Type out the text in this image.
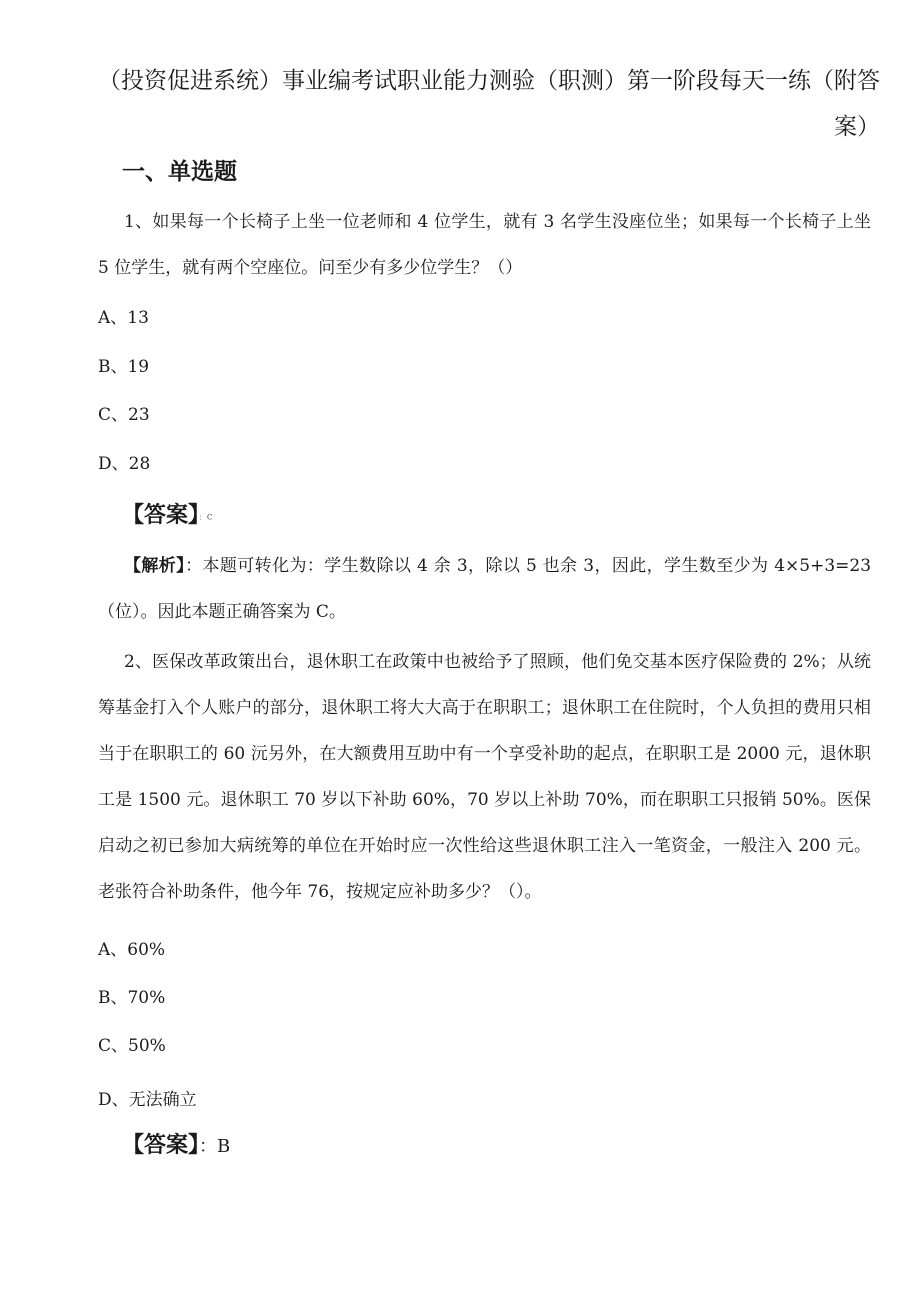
（投资促进系统）事业编考试职业能力测验（职测）第一阶段每天一练（附答案）
一、单选题

1、如果每一个长椅子上坐一位老师和 4 位学生，就有 3 名学生没座位坐；如果每一个长椅子上坐 5 位学生，就有两个空座位。问至少有多少位学生？（）

A、13

B、19

C、23

D、28

【答案】：C

【解析】：本题可转化为：学生数除以 4 余 3，除以 5 也余 3，因此，学生数至少为 4×5+3=23（位）。因此本题正确答案为 C。

2、医保改革政策出台，退休职工在政策中也被给予了照顾，他们免交基本医疗保险费的 2%；从统筹基金打入个人账户的部分，退休职工将大大高于在职职工；退休职工在住院时，个人负担的费用只相当于在职职工的 60 沅另外，在大额费用互助中有一个享受补助的起点，在职职工是 2000 元，退休职工是 1500 元。退休职工 70 岁以下补助 60%，70 岁以上补助 70%，而在职职工只报销 50%。医保启动之初已参加大病统筹的单位在开始时应一次性给这些退休职工注入一笔资金，一般注入 200 元。老张符合补助条件，他今年 76，按规定应补助多少？（）。

A、60%

B、70%

C、50%

D、无法确立

【答案】：B
